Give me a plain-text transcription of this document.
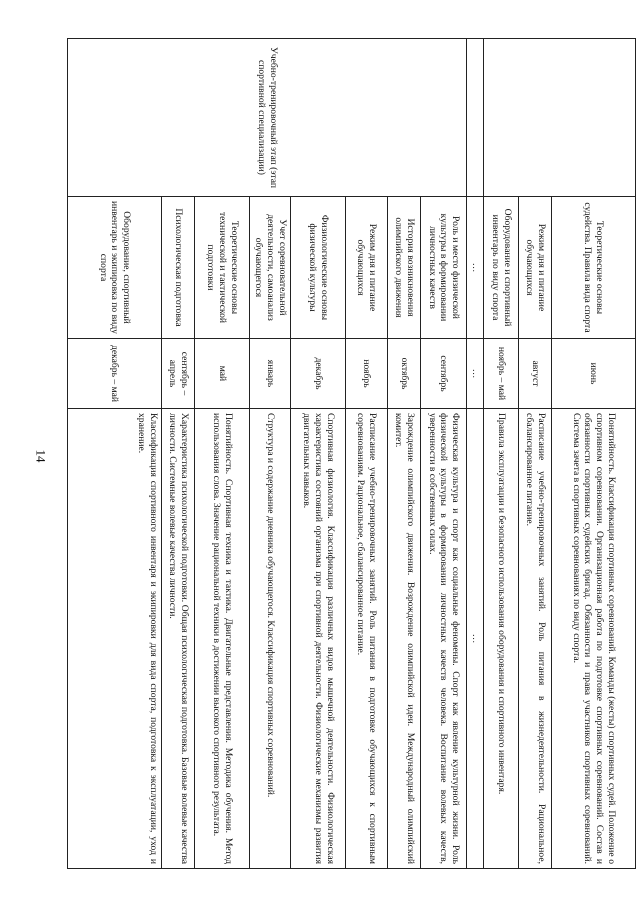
14
	Теоретические основы судейства. Правила вида спорта	июнь	Понятийность. Классификация спортивных соревнований. Команды (жесты) спортивных судей. Положение о спортивном соревновании. Организационная работа по подготовке спортивных соревнований. Состав и обязанности спортивных судейских бригад. Обязанности и права участников спортивных соревнований. Система зачета в спортивных соревнованиях по виду спорта.
	Режим дня и питание обучающихся	август	Расписание учебно-тренировочных занятий. Роль питания в жизнедеятельности. Рациональное, сбалансированное питание.
	Оборудование и спортивный инвентарь по виду спорта	ноябрь – май	Правила эксплуатации и безопасного использования оборудования и спортивного инвентаря.
	…	…	…
Учебно-тренировочный этап (этап спортивной специализации)	Роль и место физической культуры в формировании личностных качеств	сентябрь	Физическая культура и спорт как социальные феномены. Спорт как явление культурной жизни. Роль физической культуры в формировании личностных качеств человека. Воспитание волевых качеств, уверенности в собственных силах.
	История возникновения олимпийского движения	октябрь	Зарождение олимпийского движения. Возрождение олимпийской идеи. Международный олимпийский комитет.
	Режим дня и питание обучающихся	ноябрь	Расписание учебно-тренировочных занятий. Роль питания в подготовке обучающихся к спортивным соревнованиям. Рациональное, сбалансированное питание.
	Физиологические основы физической культуры	декабрь	Спортивная физиология. Классификация различных видов мышечной деятельности. Физиологическая характеристика состояний организма при спортивной деятельности. Физиологические механизмы развития двигательных навыков.
	Учет соревновательной деятельности, самоанализ обучающегося	январь	Структура и содержание дневника обучающегося. Классификация спортивных соревнований.
	Теоретические основы технической и тактической подготовки	май	Понятийность. Спортивная техника и тактика. Двигательные представления. Методика обучения. Метод использования слова. Значение рациональной техники в достижении высокого спортивного результата.
	Психологическая подготовка	сентябрь – апрель	Характеристика психологической подготовки. Общая психологическая подготовка. Базовые волевые качества личности. Системные волевые качества личности.
	Оборудование, спортивный инвентарь и экипировка по виду спорта	декабрь – май	Классификация спортивного инвентаря и экипировки для вида спорта, подготовка к эксплуатации, уход и хранение.
